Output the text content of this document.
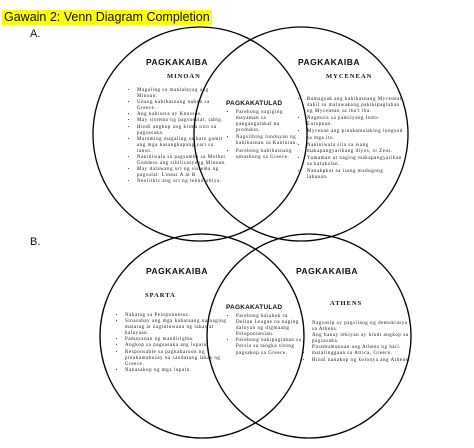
Gawain 2: Venn Diagram Completion
A.
B.
PAGKAKAIBA
MINOAN
PAGKAKAIBA
MYCENEAN
PAGKAKATULAD
• Magaling sa manlalayag ang Minoan.
• Unang kabihasnang nabuo sa Greece.
• Ang kabisera ay Knossos.
• May sistema ng pagsusulat, tabig.
• Hindi angkop ang klima nito sa pagsasaka.
• Maraming magaling sa bato gamit ang mga kasangkapang yari sa tanso.
• Naniniwala sa pagsamba sa Mother Goddess ang sibilisasyong Minoan.
• May dalawang uri ng sistema ng pagsulat: Linear A at B
• Neolithic ang uri ng teknolohiya.
• Parehong nagiging mayaman sa pangangalakal na produkto.
• Nagsilbing lunduyan ng kabihasnan sa Kanluran.
• Parehong kabihasnang umusbong sa Greece.
• Bumagsak ang kabihasnang Mycenean dahil sa malawakang pakikipaglaban ng Mycenean sa iba't iba.
• Nagmula sa pamilyang Indo-European.
• Mycenae ang pinakamalaking lungsod sa mga ito.
• Naniniwala sila sa isang makapangyarihang diyos, si Zeus.
• Yumaman at naging makapangyarihan sa katakalan.
• Nanakpkot sa isang madugong labanan.
PAGKAKAIBA
SPARTA
PAGKAKAIBA
ATHENS
PAGKAKATULAD
• Nakatag sa Peloponnesus.
• Sinasabay ang mga kabataang na naging matatag at nagtutuwana ng lakas at kalayaan.
• Pamayanan ng mandirigma.
• Angkop sa pagsasaka ang lupain.
• Responsable sa pagkakaroon ng pinakamahusay na sandatang lakas ng Greece.
• Nanasakop ng mga lupain.
• Parehong kalahok sa Delian League na naging daluyan ng digmaang Peloponnesian.
• Parehong nakipaglaban sa Persia sa tangka sitong pagsakop sa Greece.
• Nagsasip ay pagsilang ng demokrasya sa Athens.
• Ang hanay tekiyan ay hindi angkop sa pagsasaka.
• Pinamumunuan ang Athens ng hari.
• matalinggaan sa Attica, Greece.
• Hindi nanakop ng kolonya ang Athens.
